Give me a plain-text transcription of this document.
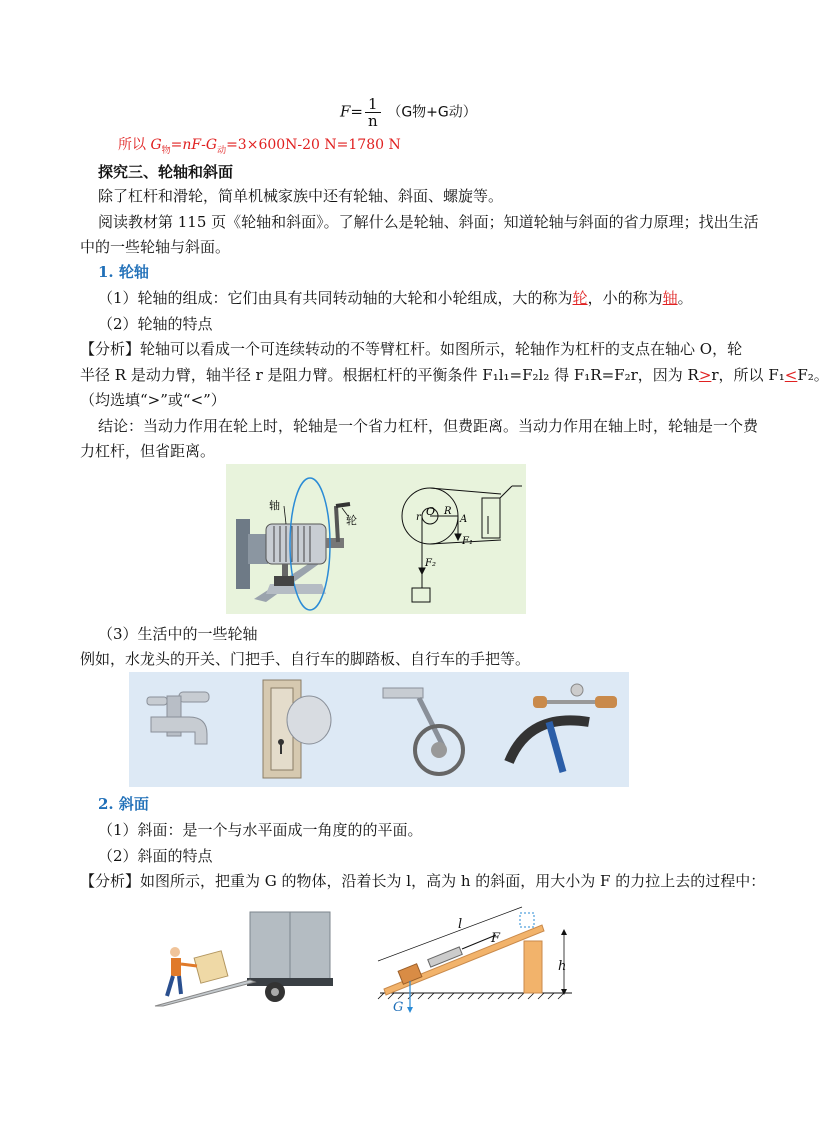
$F= \frac{1}{n} (G$物+G动）
所以 $G_物=nF-G_动=3\times 600N-20$ N=1780 N
探究三、轮轴和斜面
除了杠杆和滑轮，简单机械家族中还有轮轴、斜面、螺旋等。
阅读教材第 115 页《轮轴和斜面》。了解什么是轮轴、斜面；知道轮轴与斜面的省力原理；找出生活
中的一些轮轴与斜面。
1. 轮轴
（1）轮轴的组成：它们由具有共同转动轴的大轮和小轮组成，大的称为轮，小的称为轴。
（2）轮轴的特点
【分析】轮轴可以看成一个可连续转动的不等臂杠杆。如图所示，轮轴作为杠杆的支点在轴心 O，轮
半径 R 是动力臂，轴半径 r 是阻力臂。根据杠杆的平衡条件 F₁l₁=F₂l₂ 得 F₁R=F₂r，因为 R>r，所以 F₁<F₂。
（均选填“>”或“<”）
结论：当动力作用在轮上时，轮轴是一个省力杠杆，但费距离。当动力作用在轴上时，轮轴是一个费
力杠杆，但省距离。
轴
轮	r O R
A
F₁
F₂
（3）生活中的一些轮轴
例如，水龙头的开关、门把手、自行车的脚踏板、自行车的手把等。
2. 斜面
（1）斜面：是一个与水平面成一角度的的平面。
（2）斜面的特点
【分析】如图所示，把重为 G 的物体，沿着长为 l，高为 h 的斜面，用大小为 F 的力拉上去的过程中：
l
F
h
G
